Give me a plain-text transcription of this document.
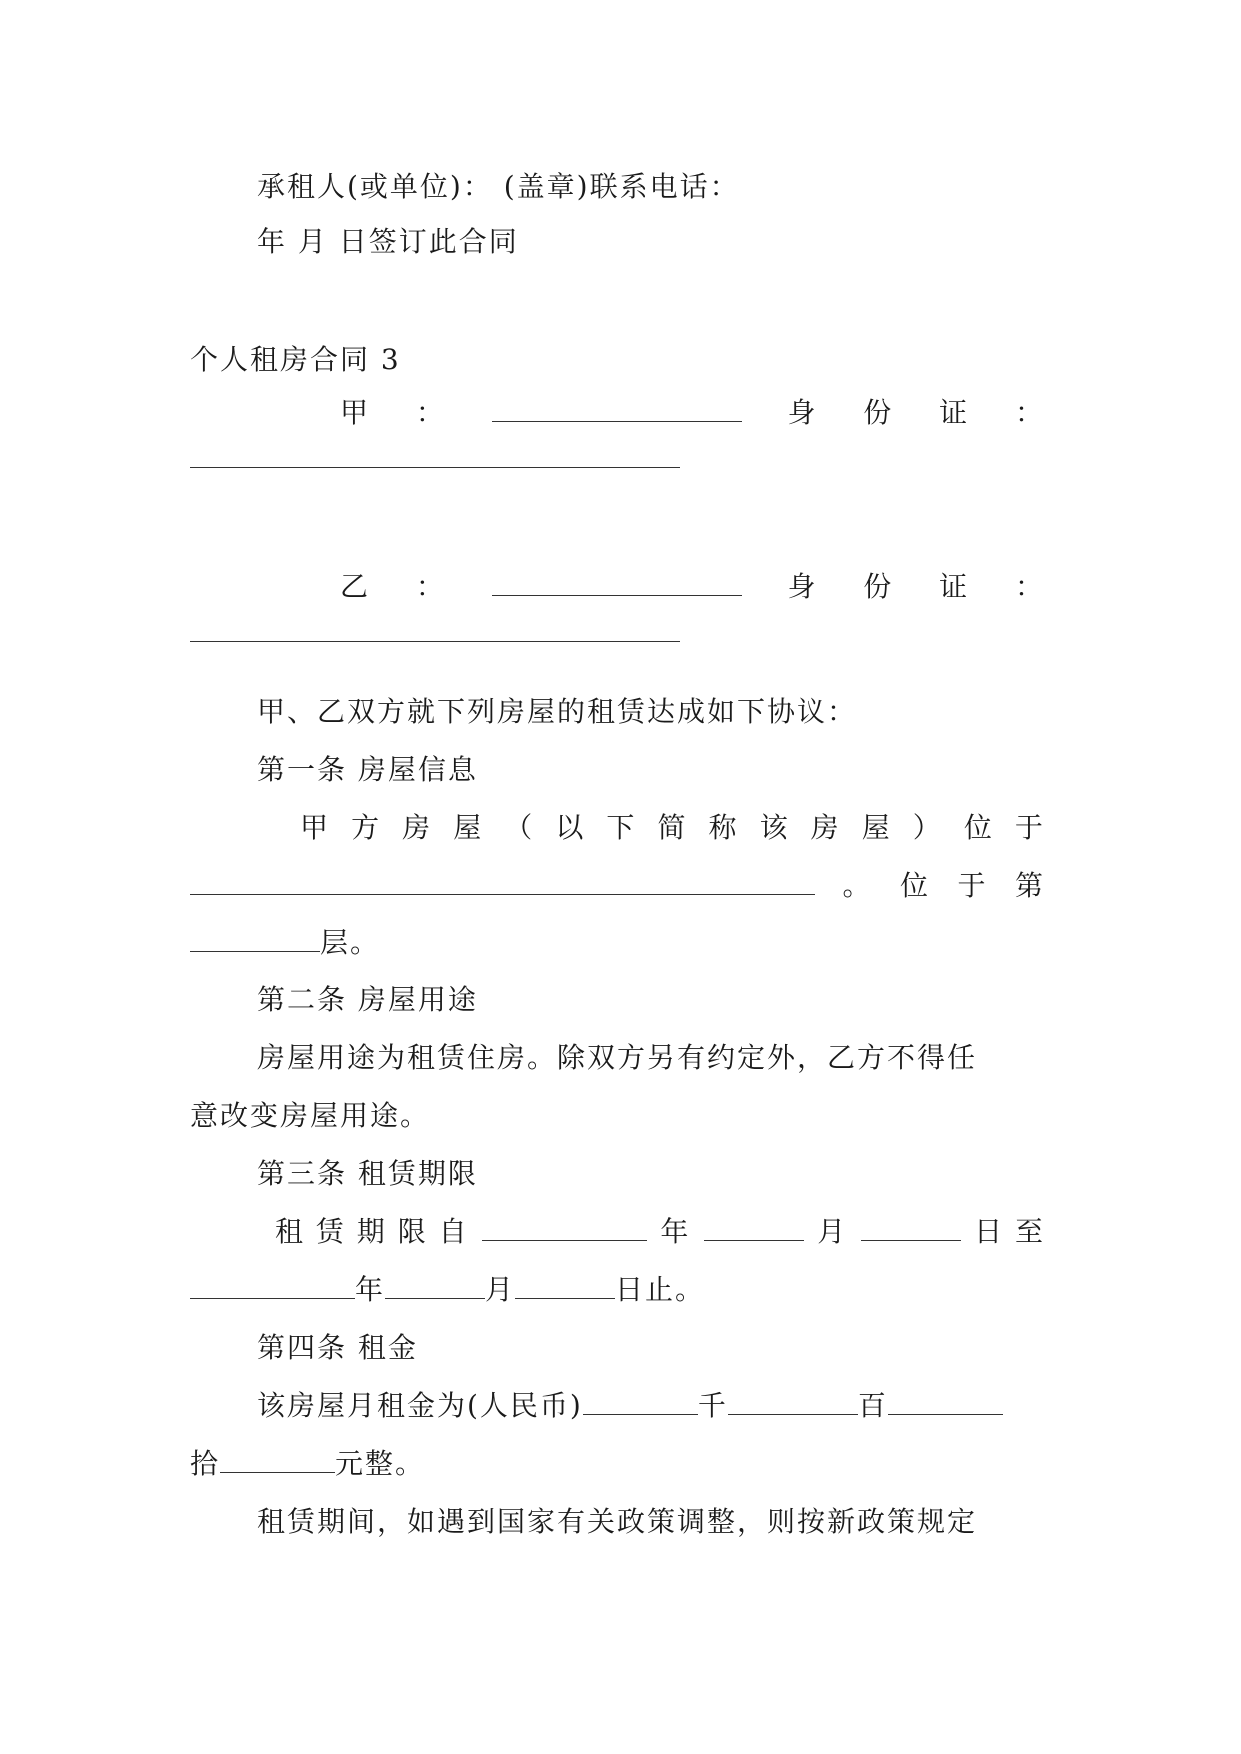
承租人(或单位)： (盖章)联系电话：
年 月 日签订此合同
个人租房合同 3
甲 ：	身 份 证 ：
乙 ：	身 份 证 ：
甲、乙双方就下列房屋的租赁达成如下协议：
第一条 房屋信息
甲 方 房 屋 （ 以 下 简 称 该 房 屋 ） 位 于
。 位 于 第
层。
第二条 房屋用途
房屋用途为租赁住房。除双方另有约定外，乙方不得任
意改变房屋用途。
第三条 租赁期限
租 赁 期 限 自	年	月	日 至
年	月	日止。
第四条 租金
该房屋月租金为(人民币)	千	百
拾	元整。
租赁期间，如遇到国家有关政策调整，则按新政策规定
